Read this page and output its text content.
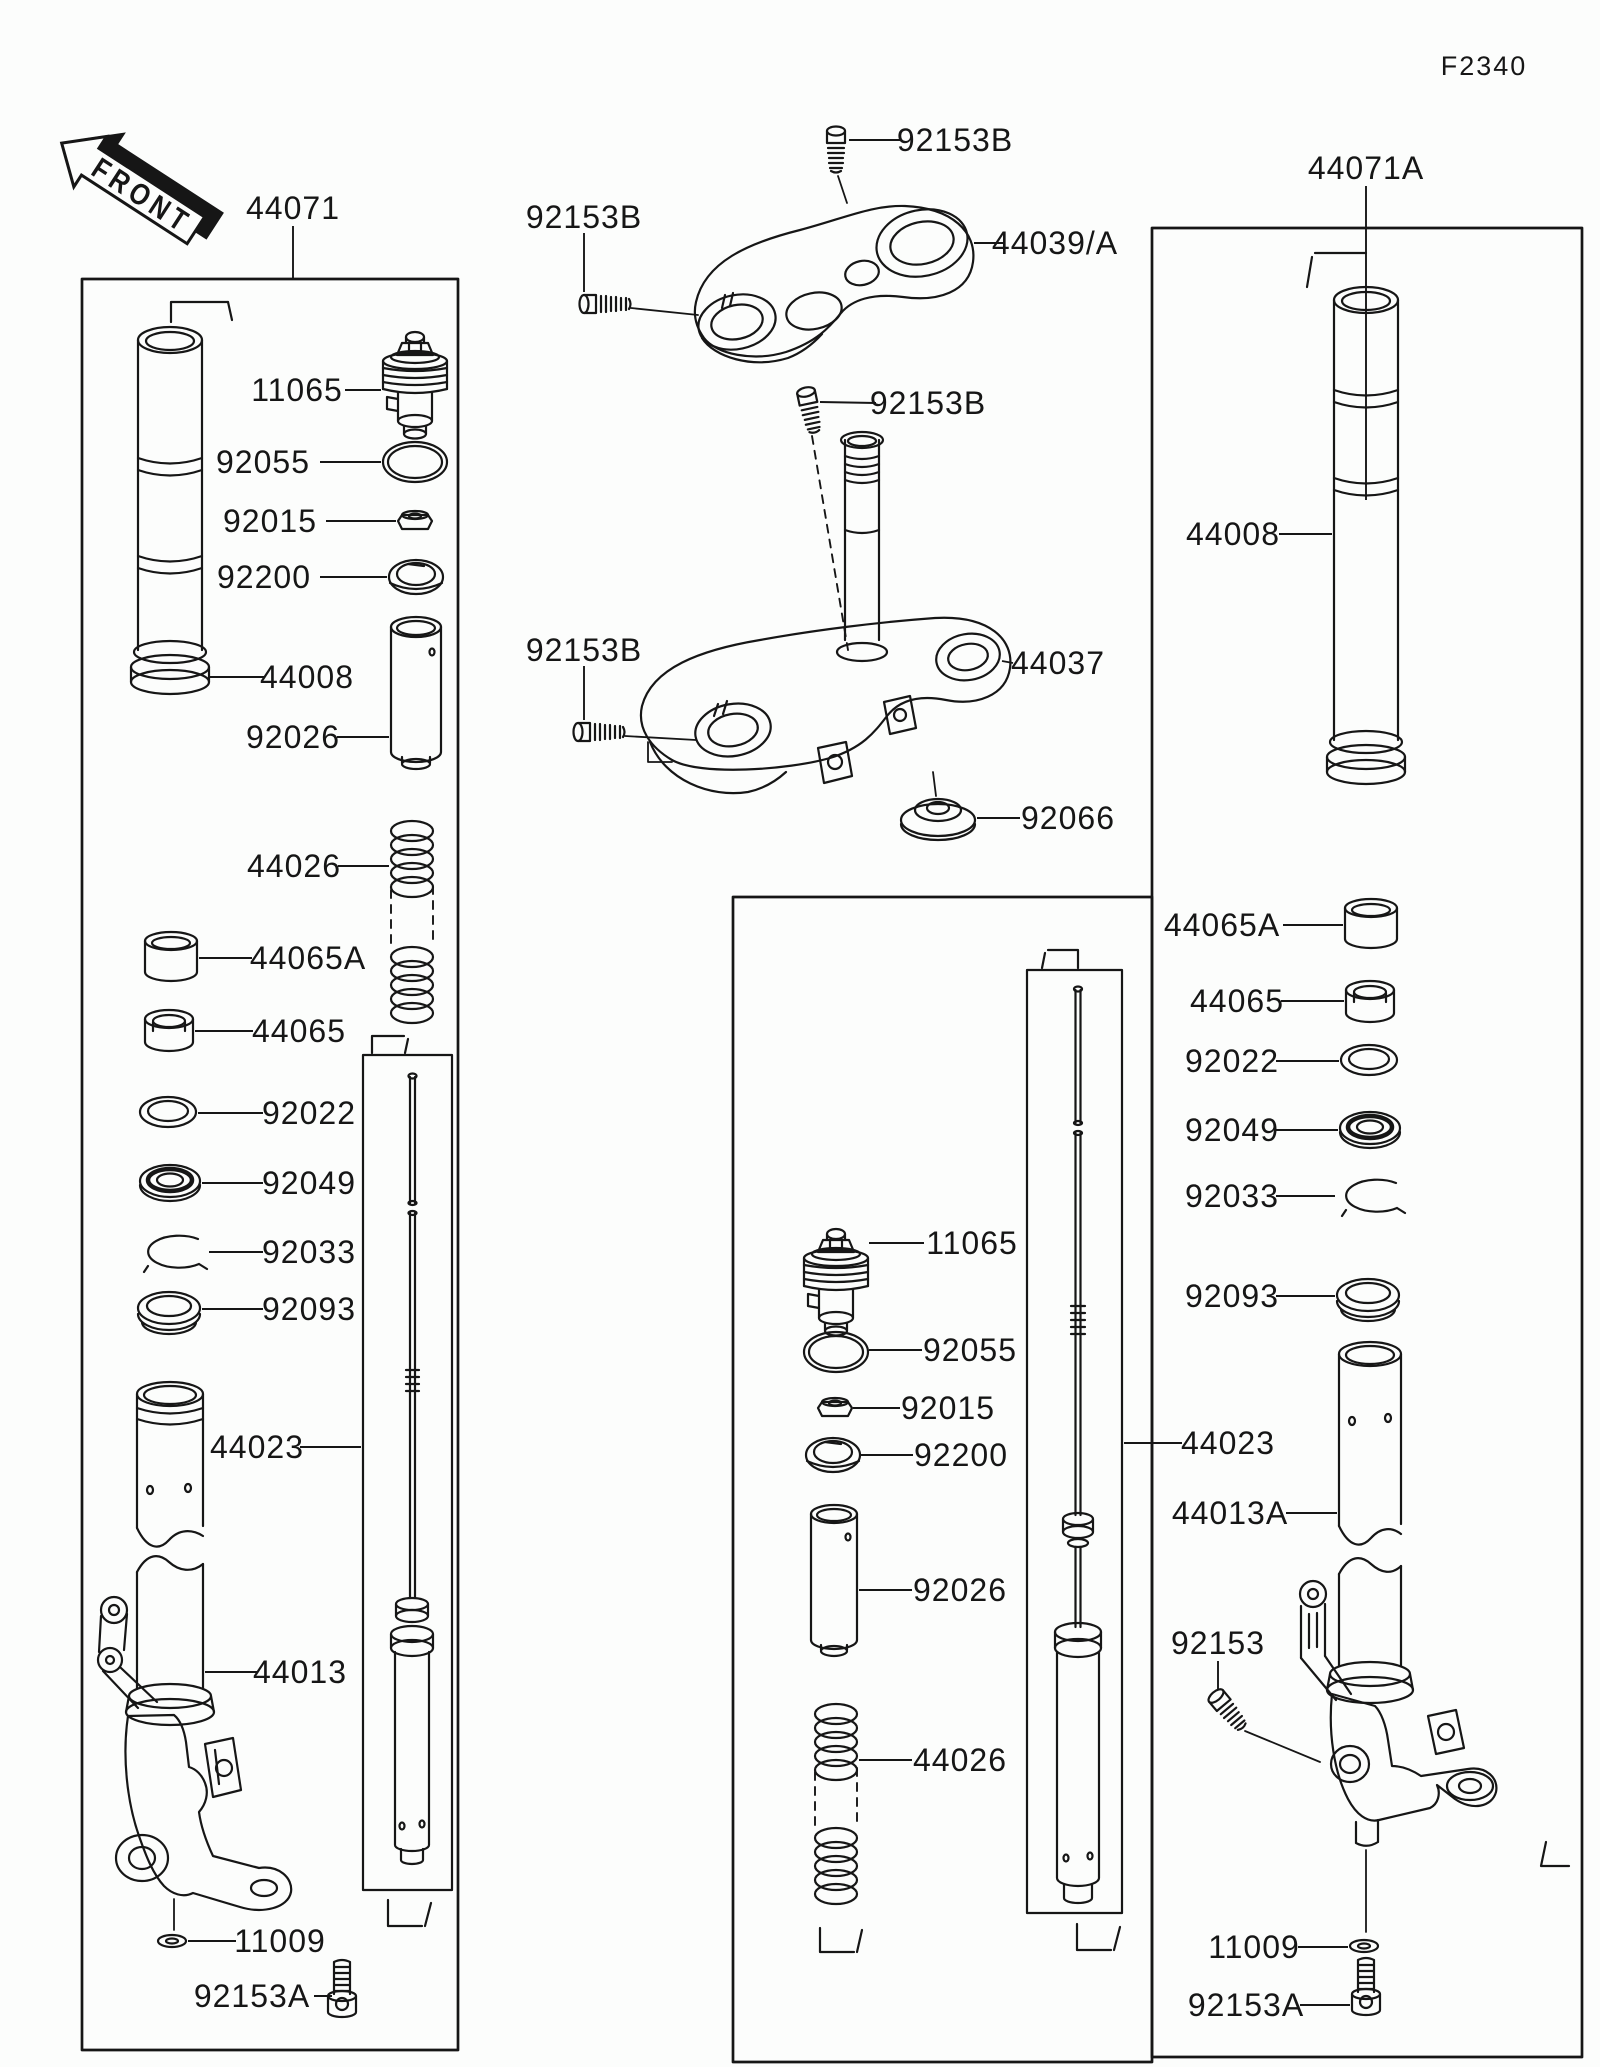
FRONT
F2340
44071
11065
92055
92015
92200
44008
92026
44026
44065A
44065
92022
92049
92033
92093
44023
44013
11009
92153A
92153B
92153B
44039/A
92153B
92153B	44037
92066
11065
92055
92015
92200
92026
44026
44023
44071A
44008
44065A
44065
92022
92049
92033
92093
44013A
92153
11009
92153A
